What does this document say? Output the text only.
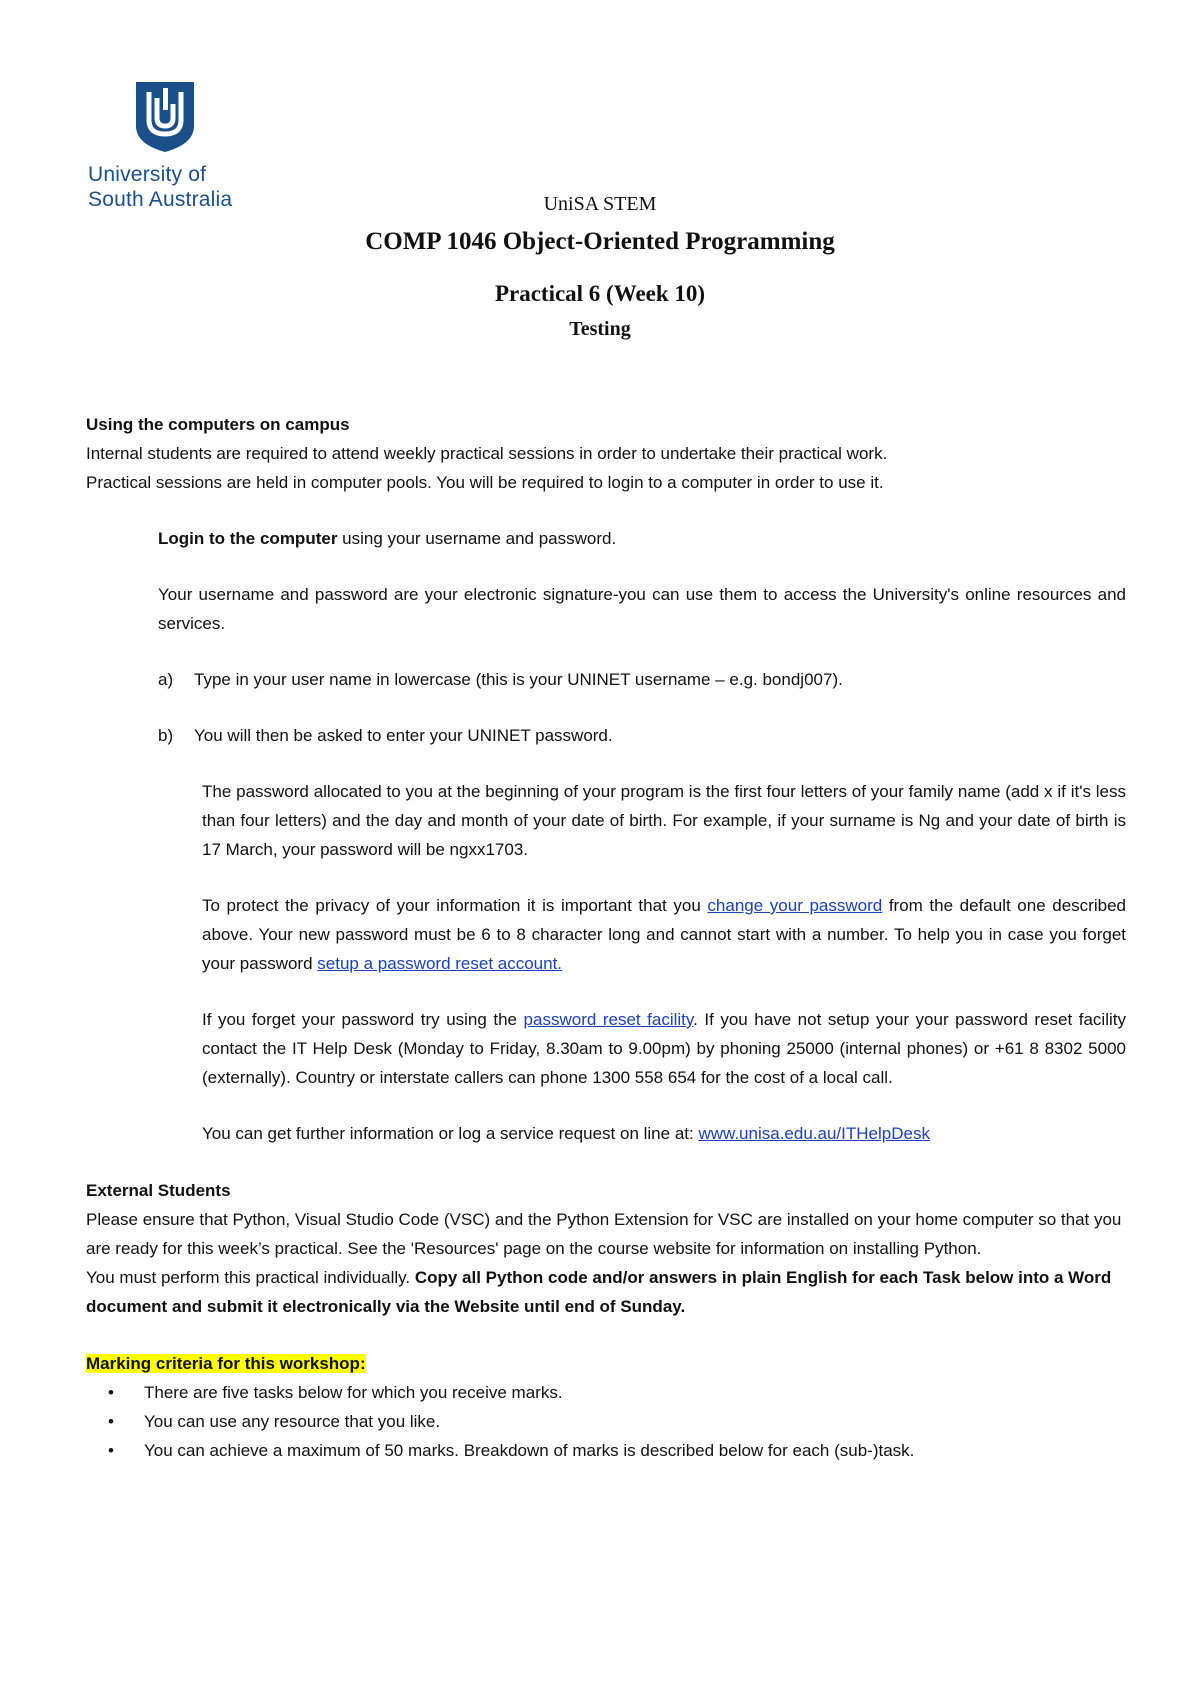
University of
South Australia	UniSA STEM
COMP 1046 Object-Oriented Programming
Practical 6 (Week 10)
Testing

Using the computers on campus

Internal students are required to attend weekly practical sessions in order to undertake their practical work.

Practical sessions are held in computer pools. You will be required to login to a computer in order to use it.

Login to the computer using your username and password.

Your username and password are your electronic signature-you can use them to access the University's online resources and services.

a)	Type in your user name in lowercase (this is your UNINET username – e.g. bondj007).
b)	You will then be asked to enter your UNINET password.

The password allocated to you at the beginning of your program is the first four letters of your family name (add x if it's less than four letters) and the day and month of your date of birth. For example, if your surname is Ng and your date of birth is 17 March, your password will be ngxx1703.

To protect the privacy of your information it is important that you change your password from the default one described above. Your new password must be 6 to 8 character long and cannot start with a number. To help you in case you forget your password setup a password reset account.

If you forget your password try using the password reset facility. If you have not setup your your password reset facility contact the IT Help Desk (Monday to Friday, 8.30am to 9.00pm) by phoning 25000 (internal phones) or +61 8 8302 5000 (externally). Country or interstate callers can phone 1300 558 654 for the cost of a local call.

You can get further information or log a service request on line at: www.unisa.edu.au/ITHelpDesk

External Students

Please ensure that Python, Visual Studio Code (VSC) and the Python Extension for VSC are installed on your home computer so that you are ready for this week’s practical. See the 'Resources' page on the course website for information on installing Python.

You must perform this practical individually. Copy all Python code and/or answers in plain English for each Task below into a Word document and submit it electronically via the Website until end of Sunday.

Marking criteria for this workshop:

•	There are five tasks below for which you receive marks.
•	You can use any resource that you like.
•	You can achieve a maximum of 50 marks. Breakdown of marks is described below for each (sub-)task.
